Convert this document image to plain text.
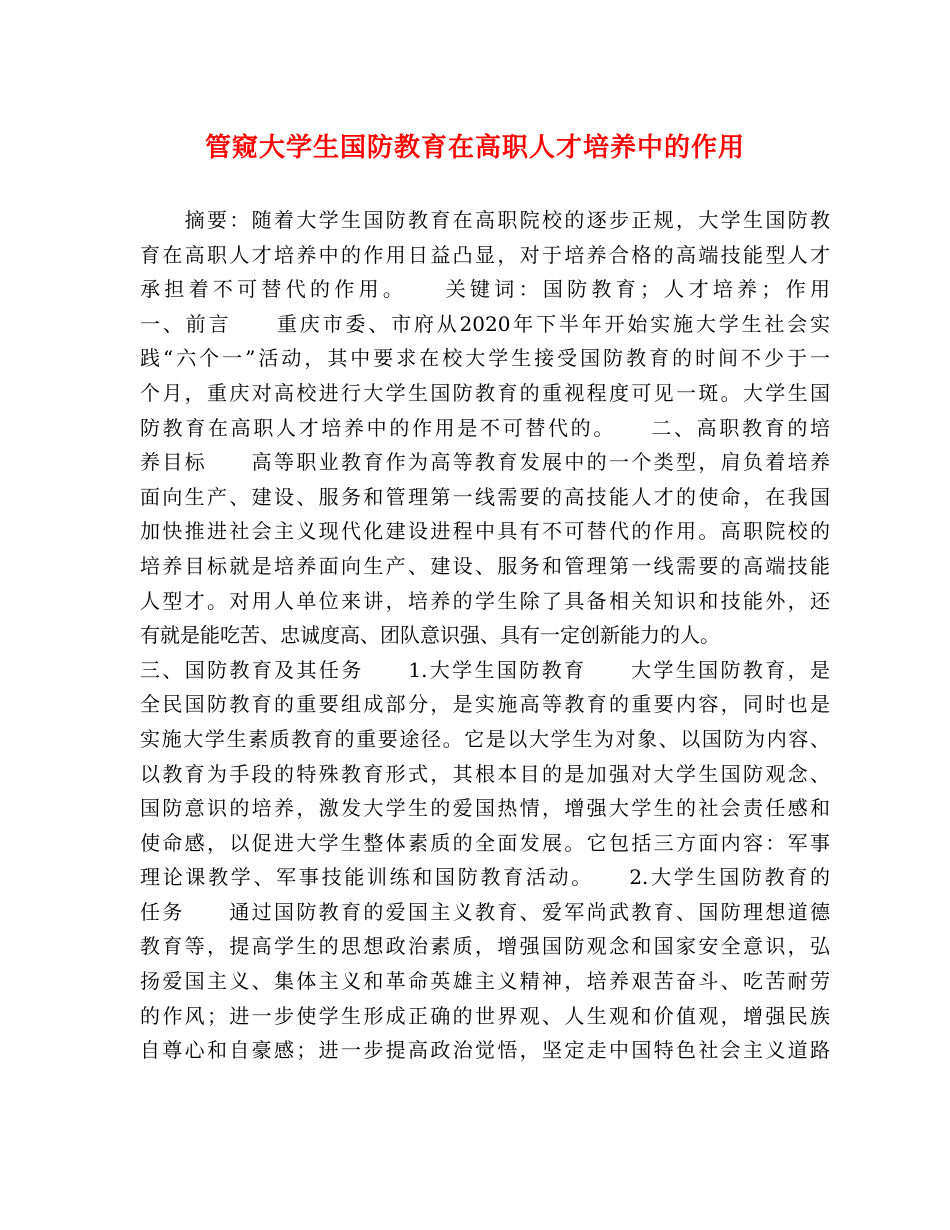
管窥大学生国防教育在高职人才培养中的作用
　　摘要：随着大学生国防教育在高职院校的逐步正规，大学生国防教
育在高职人才培养中的作用日益凸显，对于培养合格的高端技能型人才
承担着不可替代的作用。　　关键词：国防教育；人才培养；作用
一、前言　　重庆市委、市府从2020年下半年开始实施大学生社会实
践“六个一”活动，其中要求在校大学生接受国防教育的时间不少于一
个月，重庆对高校进行大学生国防教育的重视程度可见一斑。大学生国
防教育在高职人才培养中的作用是不可替代的。　　二、高职教育的培
养目标　　高等职业教育作为高等教育发展中的一个类型，肩负着培养
面向生产、建设、服务和管理第一线需要的高技能人才的使命，在我国
加快推进社会主义现代化建设进程中具有不可替代的作用。高职院校的
培养目标就是培养面向生产、建设、服务和管理第一线需要的高端技能
人型才。对用人单位来讲，培养的学生除了具备相关知识和技能外，还
有就是能吃苦、忠诚度高、团队意识强、具有一定创新能力的人。
三、国防教育及其任务　　1.大学生国防教育　　大学生国防教育，是
全民国防教育的重要组成部分，是实施高等教育的重要内容，同时也是
实施大学生素质教育的重要途径。它是以大学生为对象、以国防为内容、
以教育为手段的特殊教育形式，其根本目的是加强对大学生国防观念、
国防意识的培养，激发大学生的爱国热情，增强大学生的社会责任感和
使命感，以促进大学生整体素质的全面发展。它包括三方面内容：军事
理论课教学、军事技能训练和国防教育活动。　　2.大学生国防教育的
任务　　通过国防教育的爱国主义教育、爱军尚武教育、国防理想道德
教育等，提高学生的思想政治素质，增强国防观念和国家安全意识，弘
扬爱国主义、集体主义和革命英雄主义精神，培养艰苦奋斗、吃苦耐劳
的作风；进一步使学生形成正确的世界观、人生观和价值观，增强民族
自尊心和自豪感；进一步提高政治觉悟，坚定走中国特色社会主义道路
